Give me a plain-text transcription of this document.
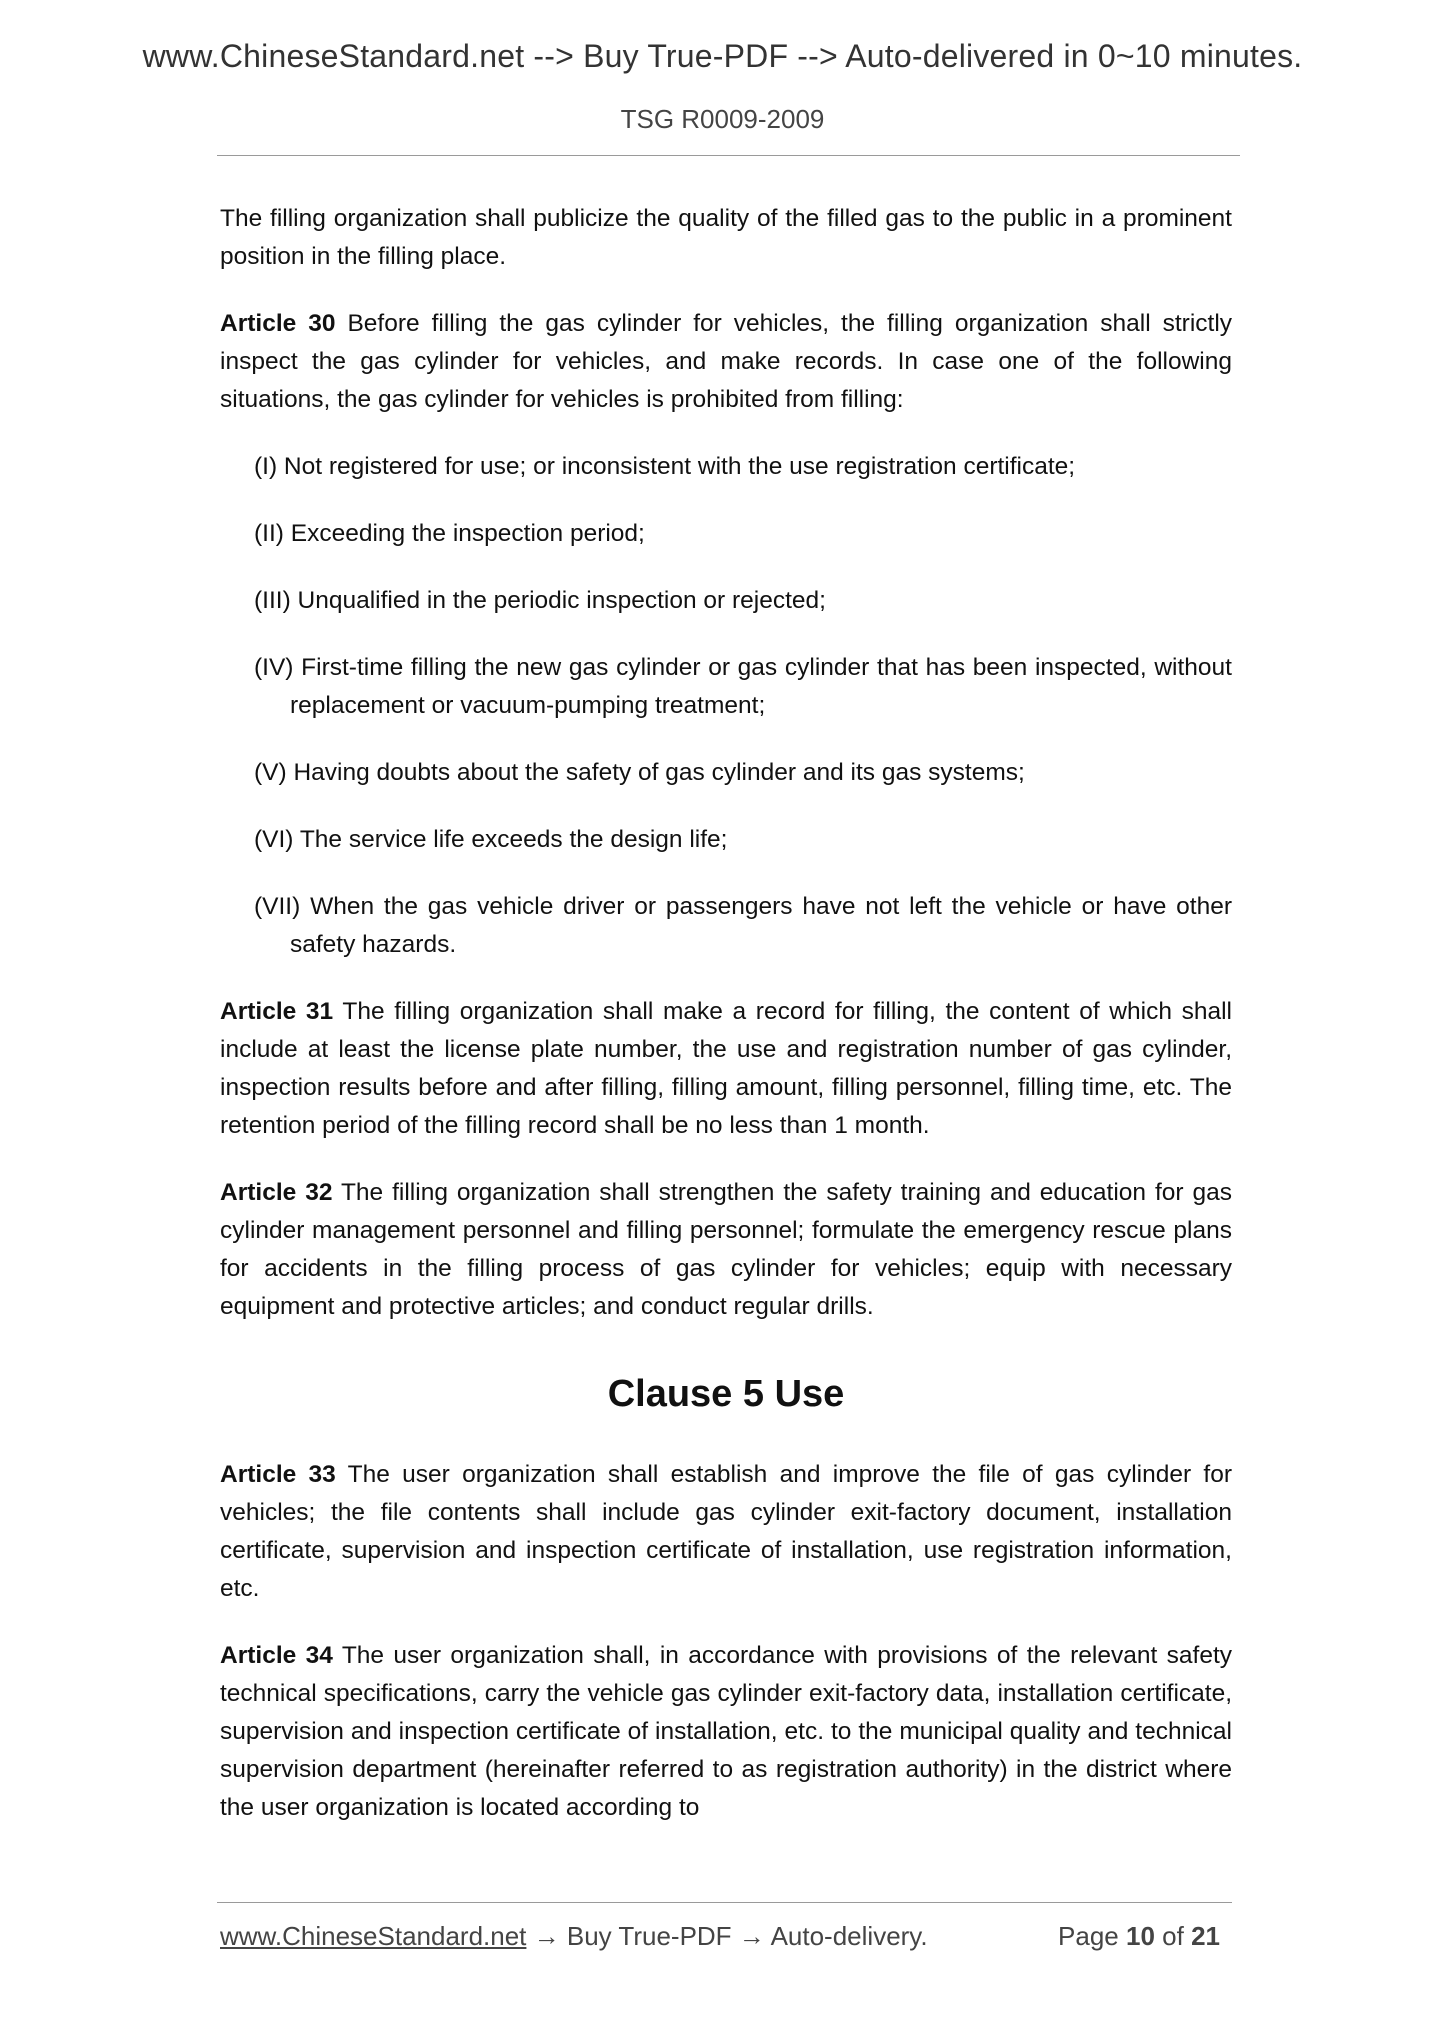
www.ChineseStandard.net --> Buy True-PDF --> Auto-delivered in 0~10 minutes.
TSG R0009-2009

The filling organization shall publicize the quality of the filled gas to the public in a prominent position in the filling place.

Article 30 Before filling the gas cylinder for vehicles, the filling organization shall strictly inspect the gas cylinder for vehicles, and make records. In case one of the following situations, the gas cylinder for vehicles is prohibited from filling:

(I) Not registered for use; or inconsistent with the use registration certificate;

(II) Exceeding the inspection period;

(III) Unqualified in the periodic inspection or rejected;

(IV) First-time filling the new gas cylinder or gas cylinder that has been inspected, without replacement or vacuum-pumping treatment;

(V) Having doubts about the safety of gas cylinder and its gas systems;

(VI) The service life exceeds the design life;

(VII) When the gas vehicle driver or passengers have not left the vehicle or have other safety hazards.

Article 31 The filling organization shall make a record for filling, the content of which shall include at least the license plate number, the use and registration number of gas cylinder, inspection results before and after filling, filling amount, filling personnel, filling time, etc. The retention period of the filling record shall be no less than 1 month.

Article 32 The filling organization shall strengthen the safety training and education for gas cylinder management personnel and filling personnel; formulate the emergency rescue plans for accidents in the filling process of gas cylinder for vehicles; equip with necessary equipment and protective articles; and conduct regular drills.

Clause 5 Use

Article 33 The user organization shall establish and improve the file of gas cylinder for vehicles; the file contents shall include gas cylinder exit-factory document, installation certificate, supervision and inspection certificate of installation, use registration information, etc.

Article 34 The user organization shall, in accordance with provisions of the relevant safety technical specifications, carry the vehicle gas cylinder exit-factory data, installation certificate, supervision and inspection certificate of installation, etc. to the municipal quality and technical supervision department (hereinafter referred to as registration authority) in the district where the user organization is located according to

www.ChineseStandard.net → Buy True-PDF → Auto-delivery.	Page 10 of 21
